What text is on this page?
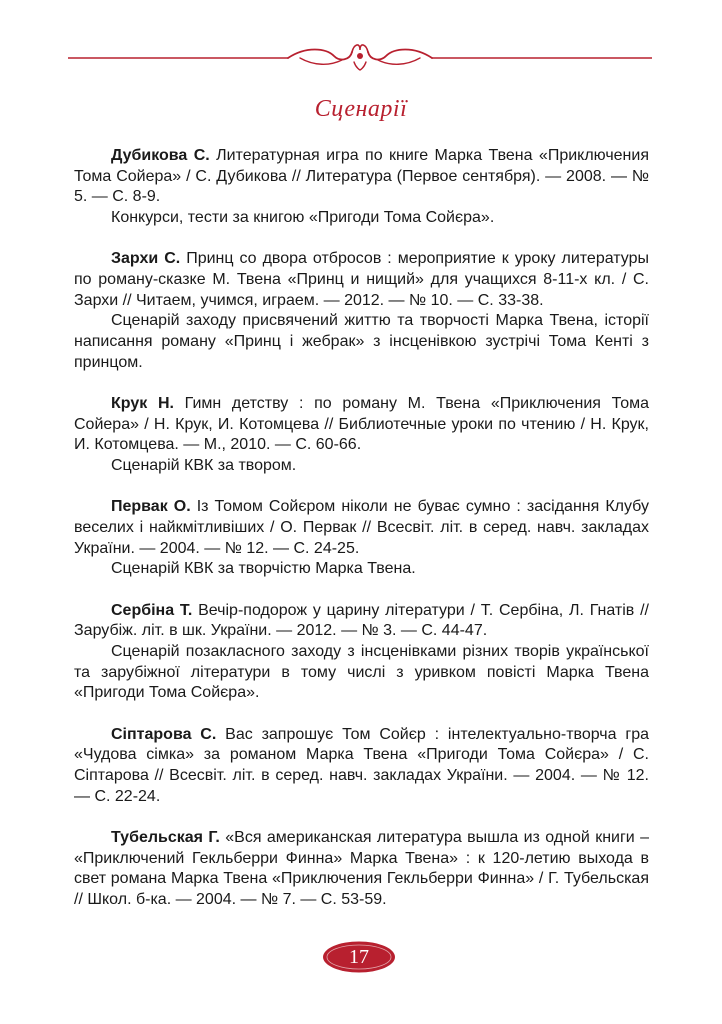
Сценарії

Дубикова С. Литературная игра по книге Марка Твена «Приключения Тома Сойера» / С. Дубикова // Литература (Первое сентября). — 2008. — № 5. — С. 8-9.

Конкурси, тести за книгою «Пригоди Тома Сойєра».

Зархи С. Принц со двора отбросов : мероприятие к уроку литературы по роману-сказке М. Твена «Принц и нищий» для учащихся 8-11-х кл. / С. Зархи // Читаем, учимся, играем. — 2012. — № 10. — С. 33-38.

Сценарій заходу присвячений життю та творчості Марка Твена, історії написання роману «Принц і жебрак» з інсценівкою зустрічі Тома Кенті з принцом.

Крук Н. Гимн детству : по роману М. Твена «Приключения Тома Сойера» / Н. Крук, И. Котомцева // Библиотечные уроки по чтению / Н. Крук, И. Котомцева. — М., 2010. — С. 60-66.

Сценарій КВК за твором.

Первак О. Із Томом Сойєром ніколи не буває сумно : засідання Клубу веселих і найкмітливіших / О. Первак // Всесвіт. літ. в серед. навч. закладах України. — 2004. — № 12. — С. 24-25.

Сценарій КВК за творчістю Марка Твена.

Сербіна Т. Вечір-подорож у царину літератури / Т. Сербіна, Л. Гнатів // Зарубіж. літ. в шк. України. — 2012. — № 3. — С. 44-47.

Сценарій позакласного заходу з інсценівками різних творів української та зарубіжної літератури в тому числі з уривком повісті Марка Твена «Пригоди Тома Сойєра».

Сіптарова С. Вас запрошує Том Сойєр : інтелектуально-творча гра «Чудова сімка» за романом Марка Твена «Пригоди Тома Сойєра» / С. Сіптарова // Всесвіт. літ. в серед. навч. закладах України. — 2004. — № 12. — С. 22-24.

Тубельская Г. «Вся американская литература вышла из одной книги – «Приключений Гекльберри Финна» Марка Твена» : к 120-летию выхода в свет романа Марка Твена «Приключения Гекльберри Финна» / Г. Тубельская // Школ. б-ка. — 2004. — № 7. — С. 53-59.

17
